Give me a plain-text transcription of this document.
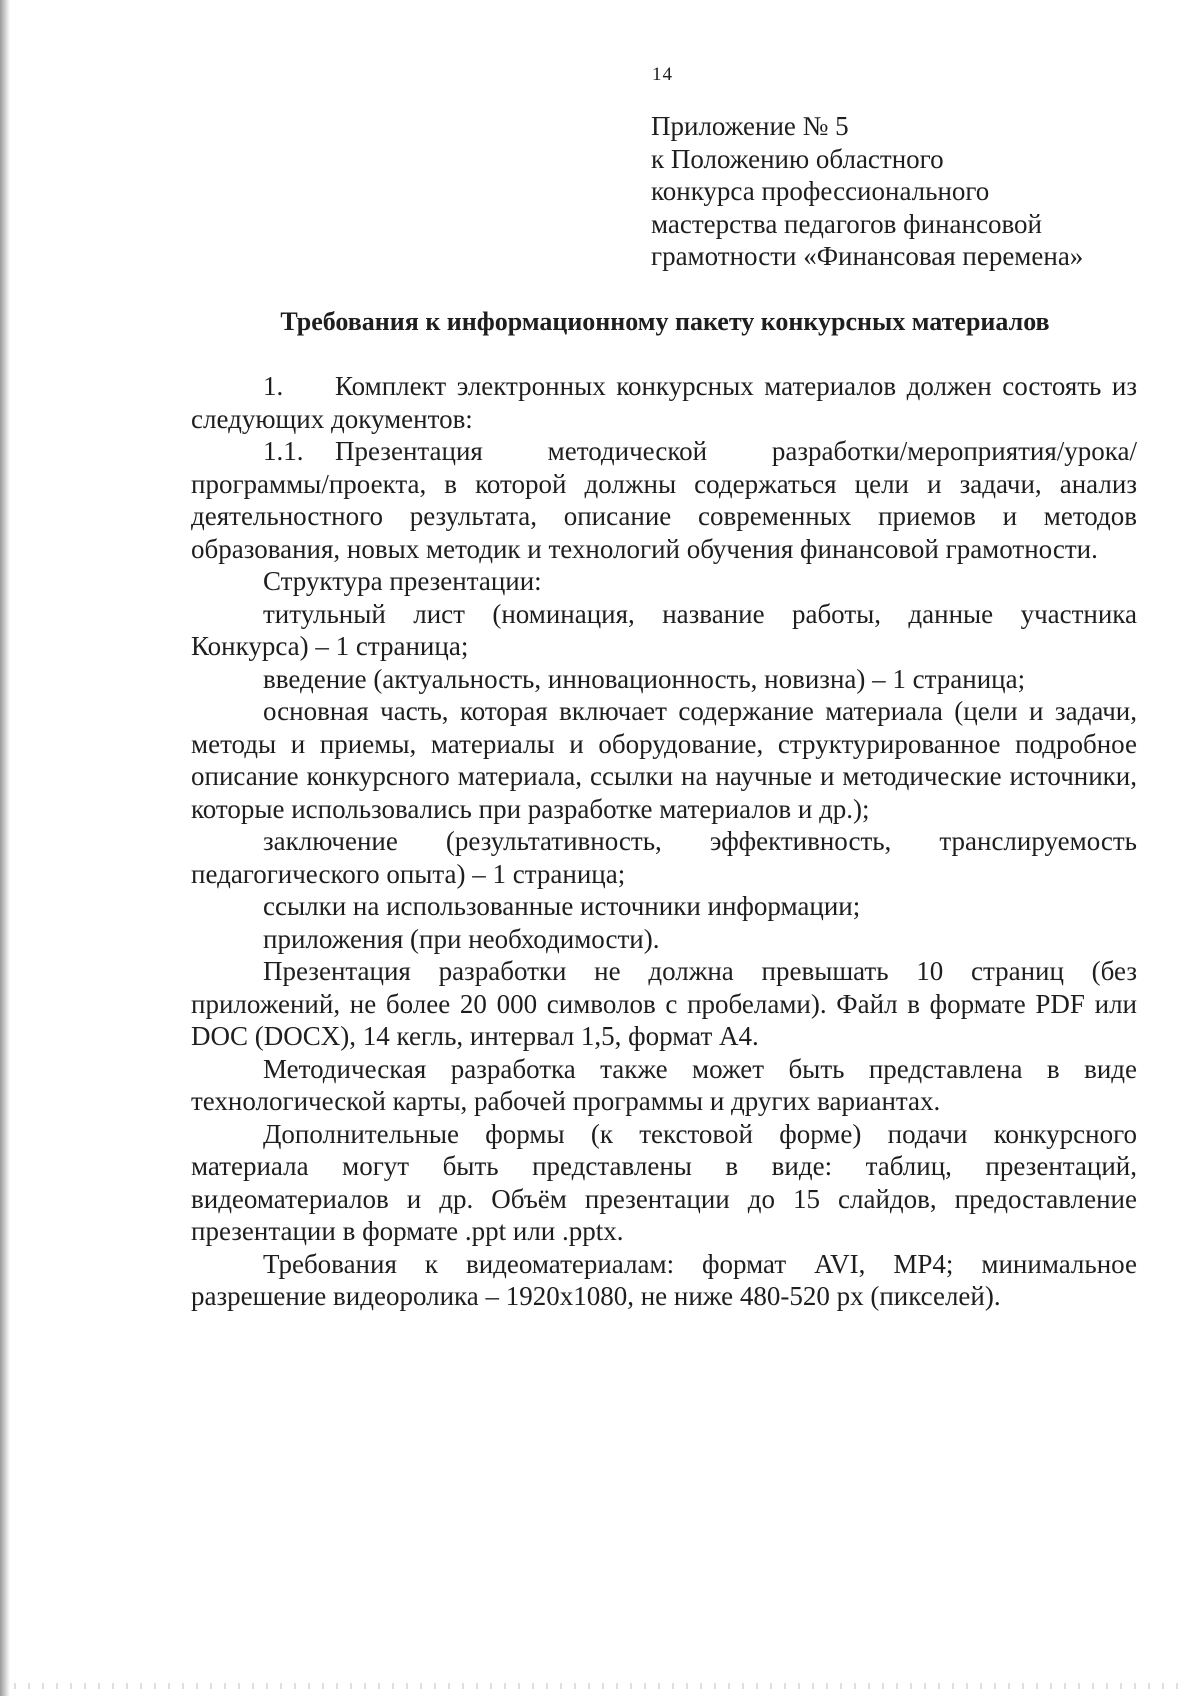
14
Приложение № 5
к Положению областного
конкурса профессионального
мастерства педагогов финансовой
грамотности «Финансовая перемена»
Требования к информационному пакету конкурсных материалов

1. Комплект электронных конкурсных материалов должен состоять из следующих документов:

1.1. Презентация методической разработки/мероприятия/урока/ программы/проекта, в которой должны содержаться цели и задачи, анализ деятельностного результата, описание современных приемов и методов образования, новых методик и технологий обучения финансовой грамотности.

Структура презентации:

титульный лист (номинация, название работы, данные участника Конкурса) – 1 страница;

введение (актуальность, инновационность, новизна) – 1 страница;

основная часть, которая включает содержание материала (цели и задачи, методы и приемы, материалы и оборудование, структурированное подробное описание конкурсного материала, ссылки на научные и методические источники, которые использовались при разработке материалов и др.);

заключение (результативность, эффективность, транслируемость педагогического опыта) – 1 страница;

ссылки на использованные источники информации;

приложения (при необходимости).

Презентация разработки не должна превышать 10 страниц (без приложений, не более 20 000 символов с пробелами). Файл в формате PDF или DOC (DOCX), 14 кегль, интервал 1,5, формат А4.

Методическая разработка также может быть представлена в виде технологической карты, рабочей программы и других вариантах.

Дополнительные формы (к текстовой форме) подачи конкурсного материала могут быть представлены в виде: таблиц, презентаций, видеоматериалов и др. Объём презентации до 15 слайдов, предоставление презентации в формате .ppt или .pptx.

Требования к видеоматериалам: формат AVI, MP4; минимальное разрешение видеоролика – 1920х1080, не ниже 480-520 px (пикселей).
